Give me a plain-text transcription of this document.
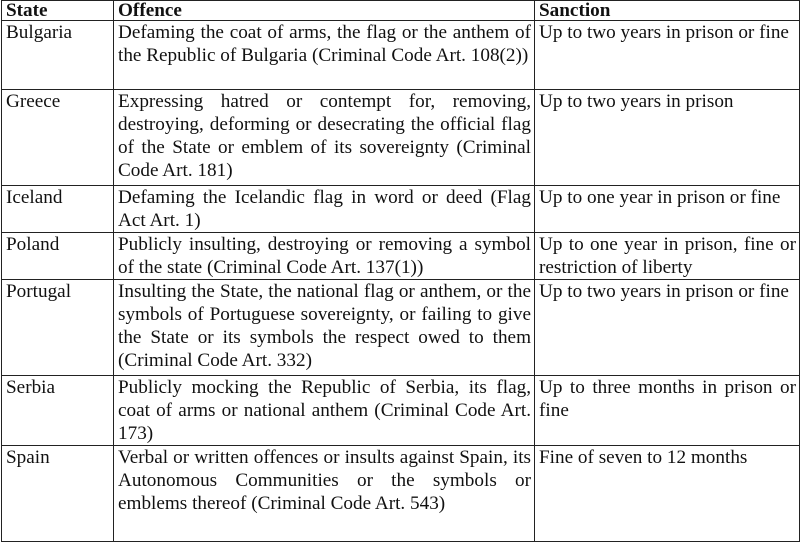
State	Offence	Sanction
Bulgaria	Defaming the coat of arms, the flag or the anthem of the Republic of Bulgaria (Criminal Code Art. 108(2))	Up to two years in prison or fine
Greece	Expressing hatred or contempt for, removing, destroying, deforming or desecrating the official flag of the State or emblem of its sovereignty (Criminal Code Art. 181)	Up to two years in prison
Iceland	Defaming the Icelandic flag in word or deed (Flag Act Art. 1)	Up to one year in prison or fine
Poland	Publicly insulting, destroying or removing a symbol of the state (Criminal Code Art. 137(1))	Up to one year in prison, fine or restriction of liberty
Portugal	Insulting the State, the national flag or anthem, or the symbols of Portuguese sovereignty, or failing to give the State or its symbols the respect owed to them (Criminal Code Art. 332)	Up to two years in prison or fine
Serbia	Publicly mocking the Republic of Serbia, its flag, coat of arms or national anthem (Criminal Code Art. 173)	Up to three months in prison or fine
Spain	Verbal or written offences or insults against Spain, its Autonomous Communities or the symbols or emblems thereof (Criminal Code Art. 543)	Fine of seven to 12 months
